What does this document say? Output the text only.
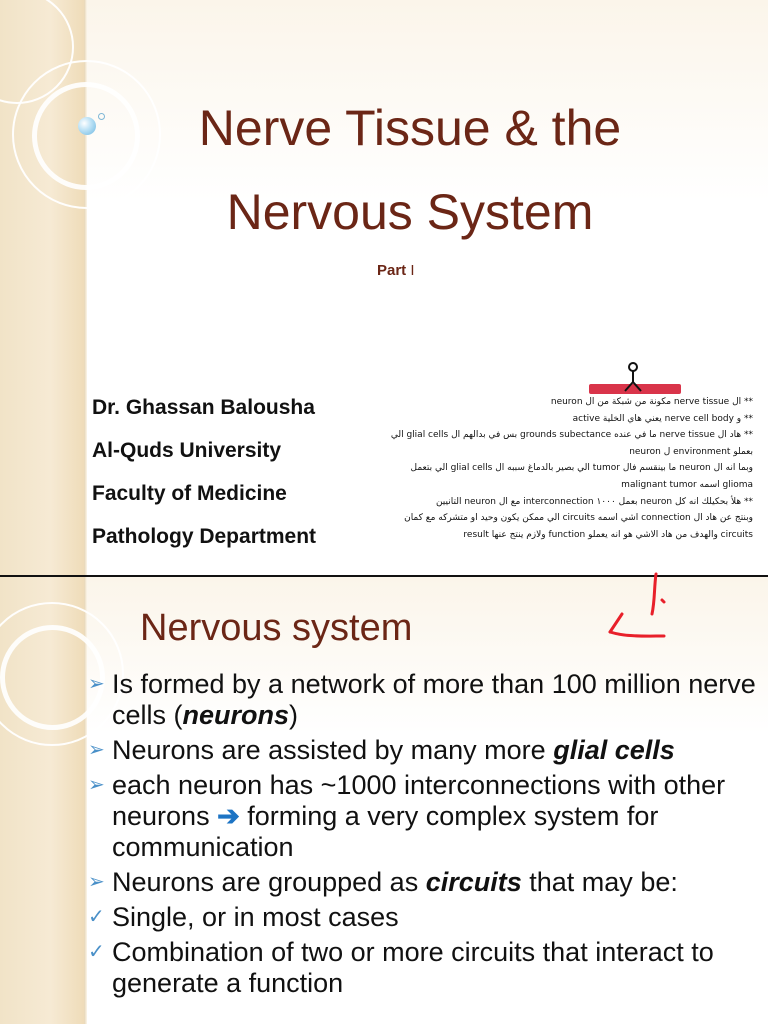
Nerve Tissue & the
Nervous System
Part I
Dr. Ghassan Balousha
Al-Quds University
Faculty of Medicine
Pathology Department
** ال nerve tissue مكونة من شبكة من ال neuron
** و nerve cell body يعني هاي الخلية active
** هاد ال nerve tissue ما في عنده grounds subectance بس في بدالهم ال glial cells الي
بعملو environment ل neuron
وبما انه ال neuron ما بينقسم فال tumor الي بصير بالدماغ سببه ال glial cells الي بتعمل
glioma اسمه malignant tumor
** هلأ بحكيلك انه كل neuron بعمل ١٠٠٠ interconnection مع ال neuron التانيين
وبنتج عن هاد ال connection اشي اسمه circuits الي ممكن يكون وحيد او متشركه مع كمان
circuits والهدف من هاد الاشي هو انه يعملو function ولازم ينتج عنها result
Nervous system
➢ Is formed by a network of more than 100 million nerve cells (neurons)
➢ Neurons are assisted by many more glial cells
➢ each neuron has ~1000 interconnections with other neurons ➔ forming a very complex system for communication
➢ Neurons are groupped as circuits that may be:
✓ Single, or in most cases
✓ Combination of two or more circuits that interact to generate a function
